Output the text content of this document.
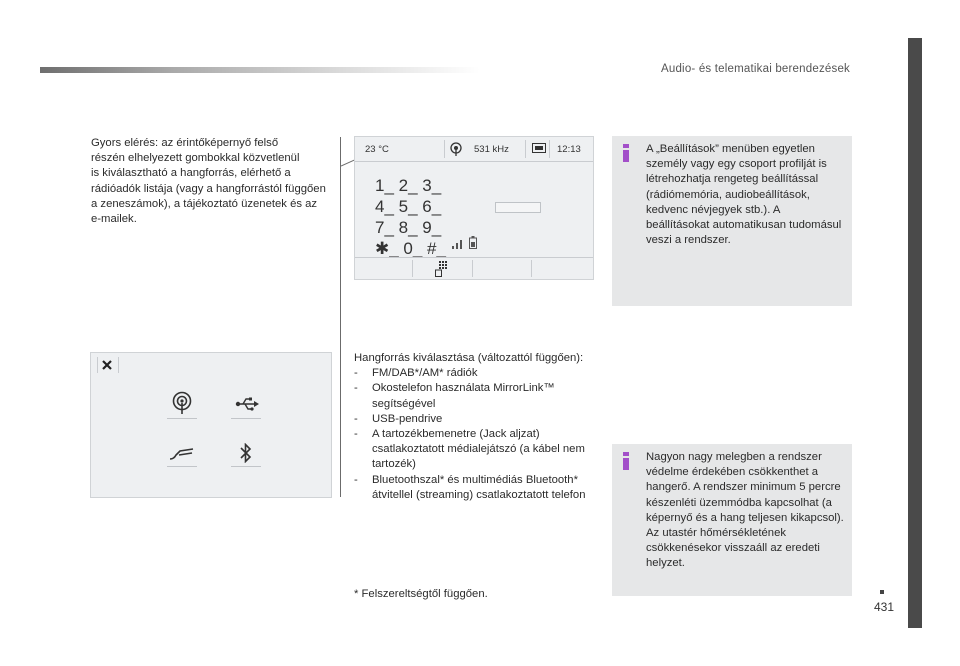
Audio- és telematikai berendezések
431
Gyors elérés: az érintőképernyő felső
részén elhelyezett gombokkal közvetlenül
is kiválasztható a hangforrás, elérhető a
rádióadók listája (vagy a hangforrástól függően
a zeneszámok), a tájékoztató üzenetek és az
e-mailek.
23 °C	531 kHz	12:13
1_ 2_ 3_
4_ 5_ 6_
7_ 8_ 9_
✱_ 0_ #_
Hangforrás kiválasztása (változattól függően):
- FM/DAB*/AM* rádiók
- Okostelefon használata MirrorLink™
segítségével
- USB-pendrive
- A tartozékbemenetre (Jack aljzat)
csatlakoztatott médialejátszó (a kábel nem
tartozék)
- Bluetoothszal* és multimédiás Bluetooth*
átvitellel (streaming) csatlakoztatott telefon
* Felszereltségtől függően.
A „Beállítások” menüben egyetlen
személy vagy egy csoport profilját is
létrehozhatja rengeteg beállítással
(rádiómemória, audiobeállítások,
kedvenc névjegyek stb.). A
beállításokat automatikusan tudomásul
veszi a rendszer.
Nagyon nagy melegben a rendszer
védelme érdekében csökkenthet a
hangerő. A rendszer minimum 5 percre
készenléti üzemmódba kapcsolhat (a
képernyő és a hang teljesen kikapcsol).
Az utastér hőmérsékletének
csökkenésekor visszaáll az eredeti
helyzet.
